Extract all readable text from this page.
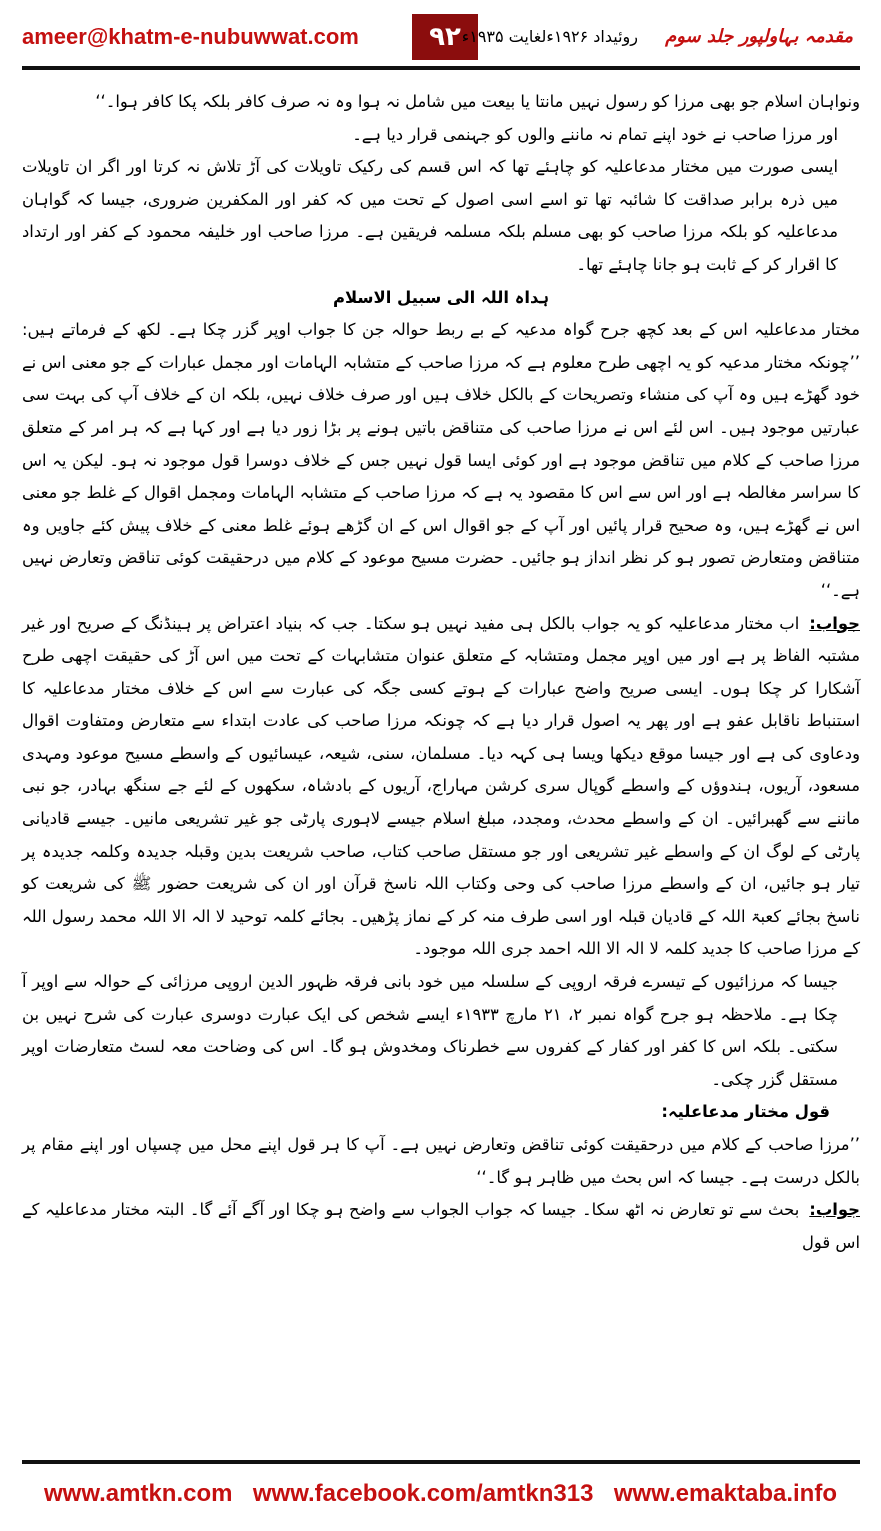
ameer@khatm-e-nubuwwat.com	۹۲	مقدمہ بہاولپور جلد سوم روئیداد ۱۹۲۶ءلغایت ۱۹۳۵ء

ونواہان اسلام جو بھی مرزا کو رسول نہیں مانتا یا بیعت میں شامل نہ ہوا وہ نہ صرف کافر بلکہ پکا کافر ہوا۔‘‘

اور مرزا صاحب نے خود اپنے تمام نہ ماننے والوں کو جہنمی قرار دیا ہے۔

ایسی صورت میں مختار مدعاعلیہ کو چاہئے تھا کہ اس قسم کی رکیک تاویلات کی آڑ تلاش نہ کرتا اور اگر ان تاویلات میں ذرہ برابر صداقت کا شائبہ تھا تو اسے اسی اصول کے تحت میں کہ کفر اور المکفرین ضروری، جیسا کہ گواہان مدعاعلیہ کو بلکہ مرزا صاحب کو بھی مسلم بلکہ مسلمہ فریقین ہے۔ مرزا صاحب اور خلیفہ محمود کے کفر اور ارتداد کا اقرار کر کے ثابت ہو جانا چاہئے تھا۔

ہداہ اللہ الی سبیل الاسلام

مختار مدعاعلیہ اس کے بعد کچھ جرح گواہ مدعیہ کے بے ربط حوالہ جن کا جواب اوپر گزر چکا ہے۔ لکھ کے فرماتے ہیں: ’’چونکہ مختار مدعیہ کو یہ اچھی طرح معلوم ہے کہ مرزا صاحب کے متشابہ الہامات اور مجمل عبارات کے جو معنی اس نے خود گھڑے ہیں وہ آپ کی منشاء وتصریحات کے بالکل خلاف ہیں اور صرف خلاف نہیں، بلکہ ان کے خلاف آپ کی بہت سی عبارتیں موجود ہیں۔ اس لئے اس نے مرزا صاحب کی متناقض باتیں ہونے پر بڑا زور دیا ہے اور کہا ہے کہ ہر امر کے متعلق مرزا صاحب کے کلام میں تناقض موجود ہے اور کوئی ایسا قول نہیں جس کے خلاف دوسرا قول موجود نہ ہو۔ لیکن یہ اس کا سراسر مغالطہ ہے اور اس سے اس کا مقصود یہ ہے کہ مرزا صاحب کے متشابہ الہامات ومجمل اقوال کے غلط جو معنی اس نے گھڑے ہیں، وہ صحیح قرار پائیں اور آپ کے جو اقوال اس کے ان گڑھے ہوئے غلط معنی کے خلاف پیش کئے جاویں وہ متناقض ومتعارض تصور ہو کر نظر انداز ہو جائیں۔ حضرت مسیح موعود کے کلام میں درحقیقت کوئی تناقض وتعارض نہیں ہے۔‘‘

جواب:اب مختار مدعاعلیہ کو یہ جواب بالکل ہی مفید نہیں ہو سکتا۔ جب کہ بنیاد اعتراض پر ہینڈنگ کے صریح اور غیر مشتبہ الفاظ پر ہے اور میں اوپر مجمل ومتشابہ کے متعلق عنوان متشابہات کے تحت میں اس آڑ کی حقیقت اچھی طرح آشکارا کر چکا ہوں۔ ایسی صریح واضح عبارات کے ہوتے کسی جگہ کی عبارت سے اس کے خلاف مختار مدعاعلیہ کا استنباط ناقابل عفو ہے اور پھر یہ اصول قرار دیا ہے کہ چونکہ مرزا صاحب کی عادت ابتداء سے متعارض ومتفاوت اقوال ودعاوی کی ہے اور جیسا موقع دیکھا ویسا ہی کہہ دیا۔ مسلمان، سنی، شیعہ، عیسائیوں کے واسطے مسیح موعود ومہدی مسعود، آریوں، ہندوؤں کے واسطے گوپال سری کرشن مہاراج، آریوں کے بادشاہ، سکھوں کے لئے جے سنگھ بہادر، جو نبی ماننے سے گھبرائیں۔ ان کے واسطے محدث، ومجدد، مبلغ اسلام جیسے لاہوری پارٹی جو غیر تشریعی مانیں۔ جیسے قادیانی پارٹی کے لوگ ان کے واسطے غیر تشریعی اور جو مستقل صاحب کتاب، صاحب شریعت بدین وقبلہ جدیدہ وکلمہ جدیدہ پر تیار ہو جائیں، ان کے واسطے مرزا صاحب کی وحی وکتاب اللہ ناسخ قرآن اور ان کی شریعت حضور ﷺ کی شریعت کو ناسخ بجائے کعبۃ اللہ کے قادیان قبلہ اور اسی طرف منہ کر کے نماز پڑھیں۔ بجائے کلمہ توحید لا الہ الا اللہ محمد رسول اللہ کے مرزا صاحب کا جدید کلمہ لا الہ الا اللہ احمد جری اللہ موجود۔

جیسا کہ مرزائیوں کے تیسرے فرقہ اروپی کے سلسلہ میں خود بانی فرقہ ظہور الدین اروپی مرزائی کے حوالہ سے اوپر آ چکا ہے۔ ملاحظہ ہو جرح گواہ نمبر ۲، ۲۱ مارچ ۱۹۳۳ء ایسے شخص کی ایک عبارت دوسری عبارت کی شرح نہیں بن سکتی۔ بلکہ اس کا کفر اور کفار کے کفروں سے خطرناک ومخدوش ہو گا۔ اس کی وضاحت معہ لسٹ متعارضات اوپر مستقل گزر چکی۔

قول مختار مدعاعلیہ:

’’مرزا صاحب کے کلام میں درحقیقت کوئی تناقض وتعارض نہیں ہے۔ آپ کا ہر قول اپنے محل میں چسپاں اور اپنے مقام پر بالکل درست ہے۔ جیسا کہ اس بحث میں ظاہر ہو گا۔‘‘

جواب:بحث سے تو تعارض نہ اٹھ سکا۔ جیسا کہ جواب الجواب سے واضح ہو چکا اور آگے آئے گا۔ البتہ مختار مدعاعلیہ کے اس قول

www.amtkn.com www.facebook.com/amtkn313 www.emaktaba.info
